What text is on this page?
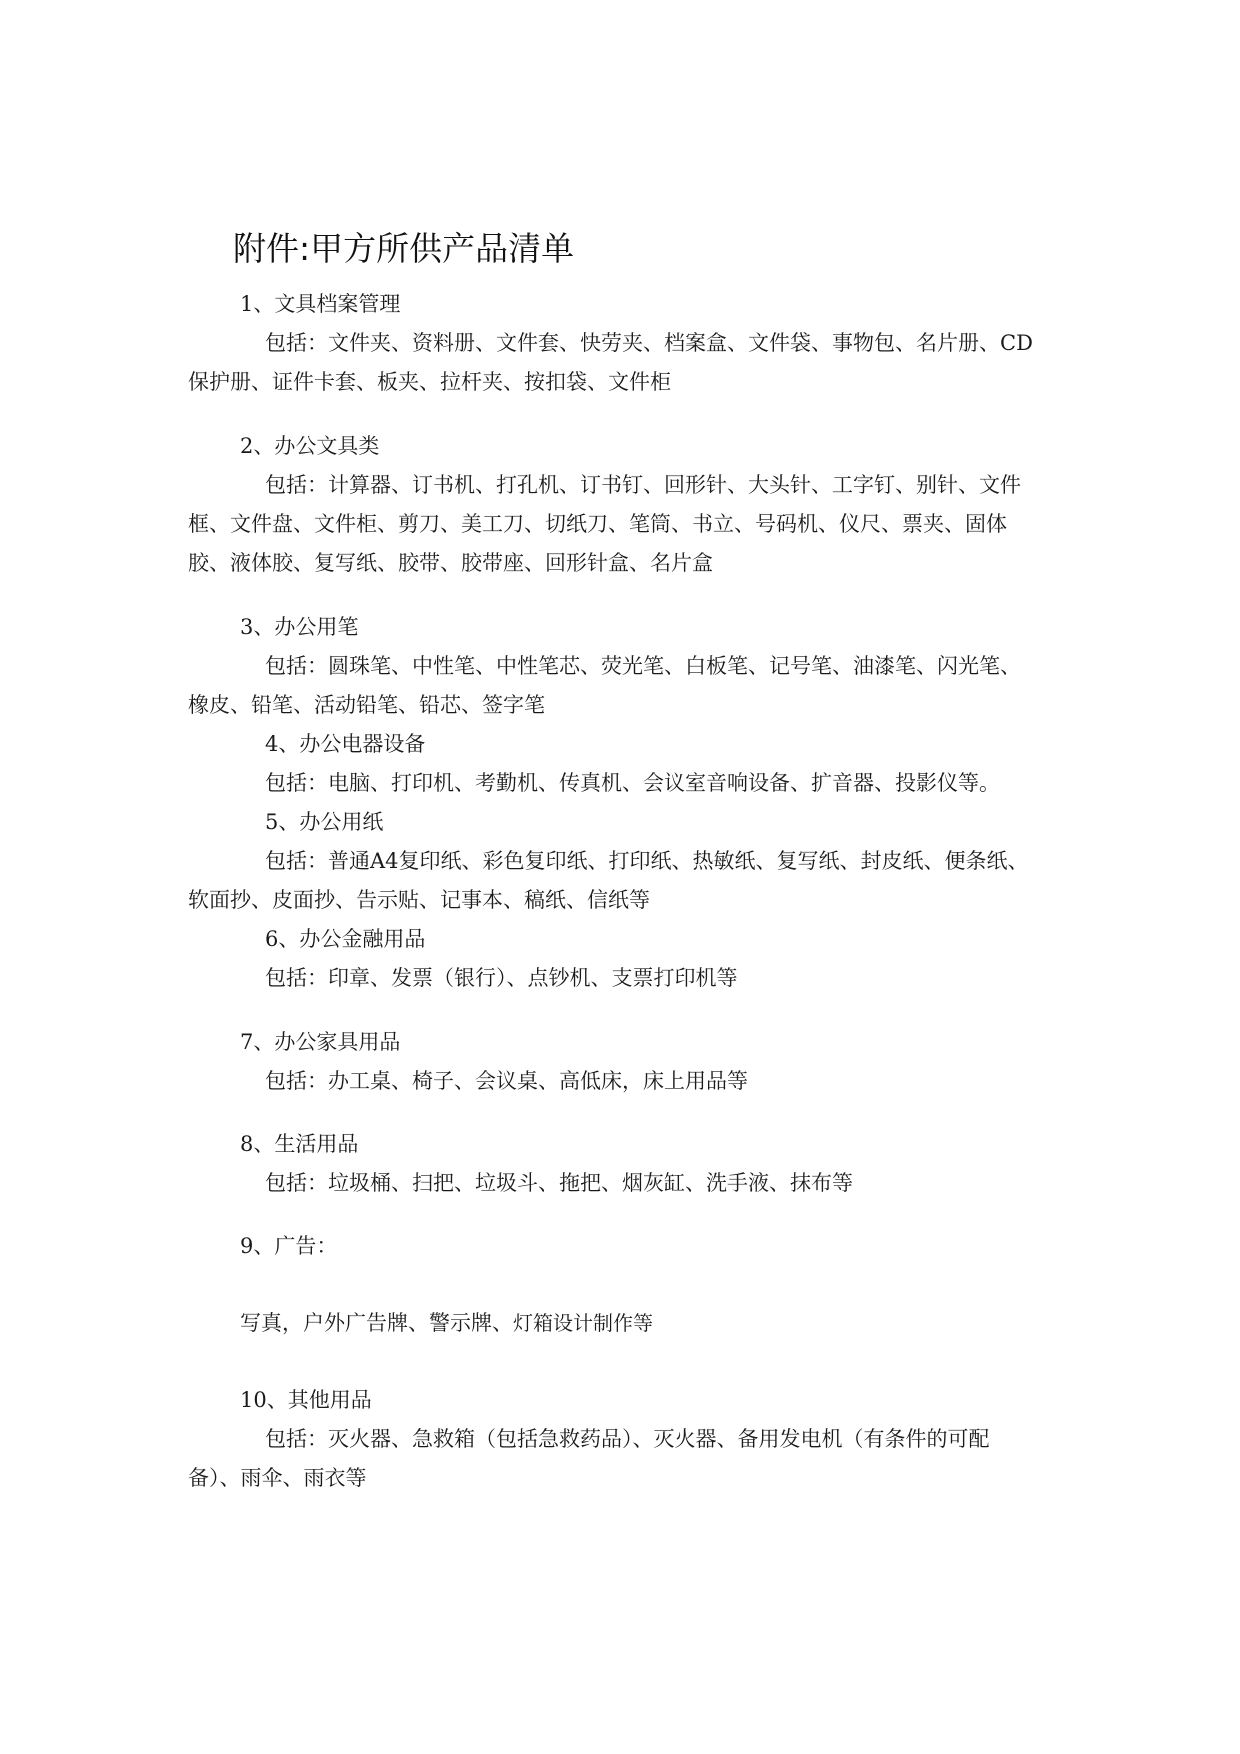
附件:甲方所供产品清单

1、文具档案管理

包括：文件夹、资料册、文件套、快劳夹、档案盒、文件袋、事物包、名片册、CD

保护册、证件卡套、板夹、拉杆夹、按扣袋、文件柜

2、办公文具类

包括：计算器、订书机、打孔机、订书钉、回形针、大头针、工字钉、别针、文件

框、文件盘、文件柜、剪刀、美工刀、切纸刀、笔筒、书立、号码机、仪尺、票夹、固体

胶、液体胶、复写纸、胶带、胶带座、回形针盒、名片盒

3、办公用笔

包括：圆珠笔、中性笔、中性笔芯、荧光笔、白板笔、记号笔、油漆笔、闪光笔、

橡皮、铅笔、活动铅笔、铅芯、签字笔

4、办公电器设备

包括：电脑、打印机、考勤机、传真机、会议室音响设备、扩音器、投影仪等。

5、办公用纸

包括：普通A4复印纸、彩色复印纸、打印纸、热敏纸、复写纸、封皮纸、便条纸、

软面抄、皮面抄、告示贴、记事本、稿纸、信纸等

6、办公金融用品

包括：印章、发票（银行）、点钞机、支票打印机等

7、办公家具用品

包括：办工桌、椅子、会议桌、高低床，床上用品等

8、生活用品

包括：垃圾桶、扫把、垃圾斗、拖把、烟灰缸、洗手液、抹布等

9、广告：

写真，户外广告牌、警示牌、灯箱设计制作等

10、其他用品

包括：灭火器、急救箱（包括急救药品）、灭火器、备用发电机（有条件的可配

备）、雨伞、雨衣等
